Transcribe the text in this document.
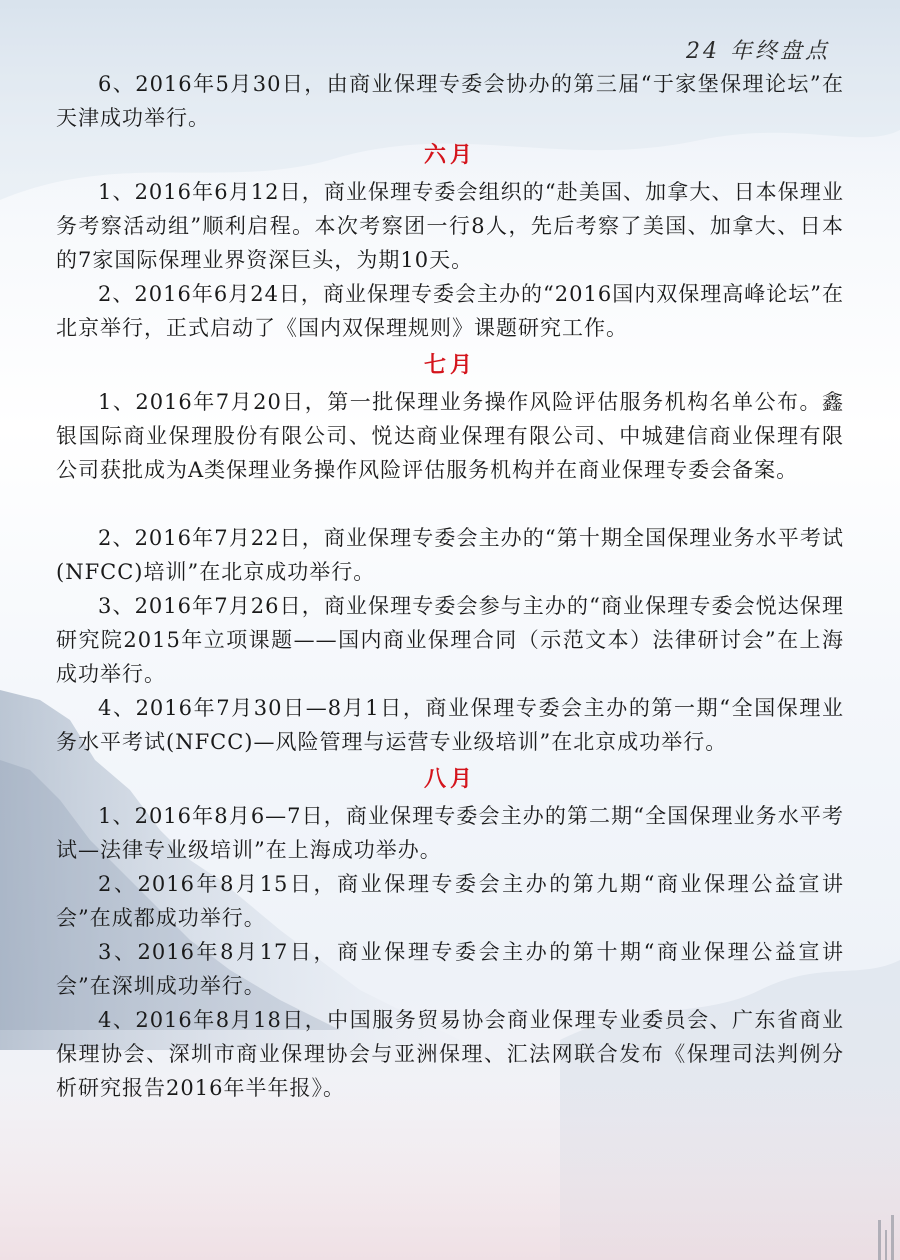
24 年终盘点

6、2016年5月30日，由商业保理专委会协办的第三届“于家堡保理论坛”在天津成功举行。

六月

1、2016年6月12日，商业保理专委会组织的“赴美国、加拿大、日本保理业务考察活动组”顺利启程。本次考察团一行8人，先后考察了美国、加拿大、日本的7家国际保理业界资深巨头，为期10天。

2、2016年6月24日，商业保理专委会主办的“2016国内双保理高峰论坛”在北京举行，正式启动了《国内双保理规则》课题研究工作。

七月

1、2016年7月20日，第一批保理业务操作风险评估服务机构名单公布。鑫银国际商业保理股份有限公司、悦达商业保理有限公司、中城建信商业保理有限公司获批成为A类保理业务操作风险评估服务机构并在商业保理专委会备案。

2、2016年7月22日，商业保理专委会主办的“第十期全国保理业务水平考试(NFCC)培训”在北京成功举行。

3、2016年7月26日，商业保理专委会参与主办的“商业保理专委会悦达保理研究院2015年立项课题——国内商业保理合同（示范文本）法律研讨会”在上海成功举行。

4、2016年7月30日—8月1日，商业保理专委会主办的第一期“全国保理业务水平考试(NFCC)—风险管理与运营专业级培训”在北京成功举行。

八月

1、2016年8月6—7日，商业保理专委会主办的第二期“全国保理业务水平考试—法律专业级培训”在上海成功举办。

2、2016年8月15日，商业保理专委会主办的第九期“商业保理公益宣讲会”在成都成功举行。

3、2016年8月17日，商业保理专委会主办的第十期“商业保理公益宣讲会”在深圳成功举行。

4、2016年8月18日，中国服务贸易协会商业保理专业委员会、广东省商业保理协会、深圳市商业保理协会与亚洲保理、汇法网联合发布《保理司法判例分析研究报告2016年半年报》。
